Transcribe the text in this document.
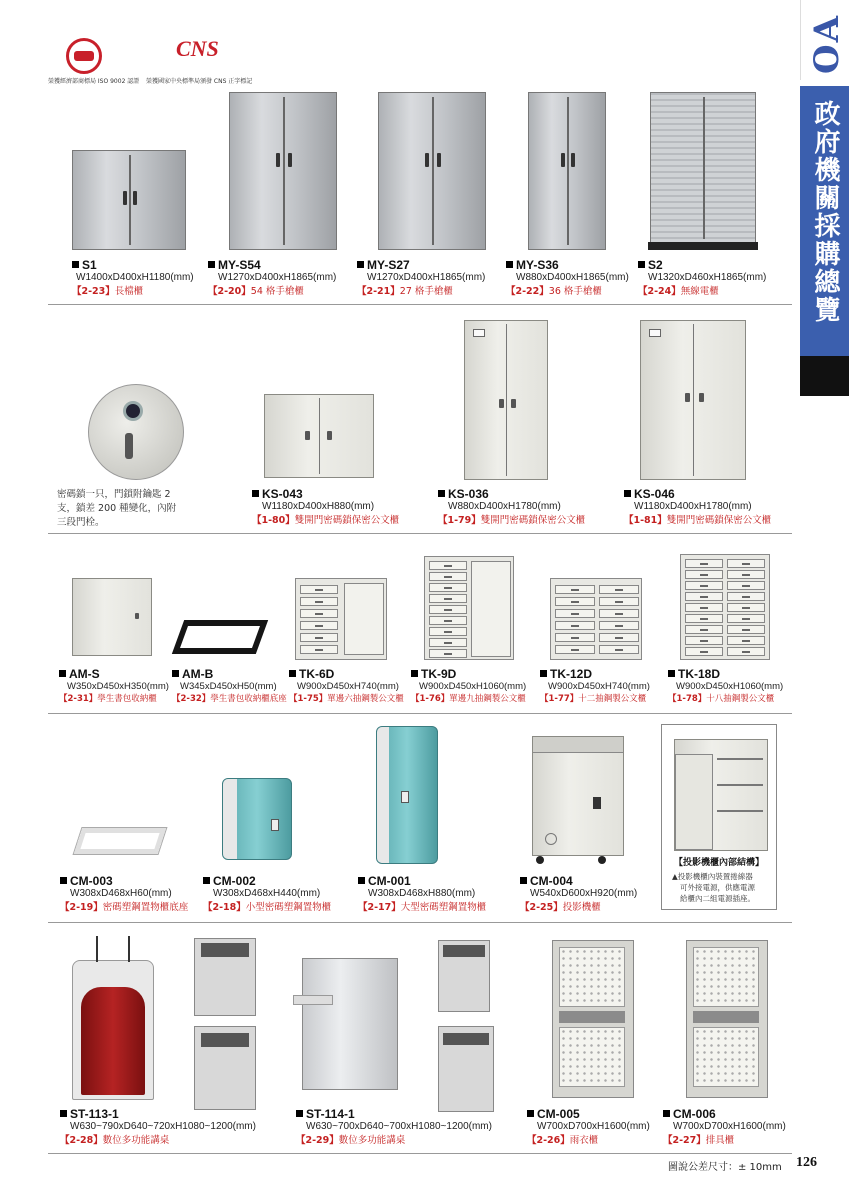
OA
政府機關採購總覽
CNS
榮獲經濟部商標局 ISO 9002 認證 榮獲國家中央標準局頒發 CNS 正字標記
S1
W1400xD400xH1180(mm)
【2-23】長檔櫃
MY-S54
W1270xD400xH1865(mm)
【2-20】54 格手槍櫃
MY-S27
W1270xD400xH1865(mm)
【2-21】27 格手槍櫃
MY-S36
W880xD400xH1865(mm)
【2-22】36 格手槍櫃
S2
W1320xD460xH1865(mm)
【2-24】無線電櫃
密碼鎖一只，門鎖附鑰匙 2
支，鎖差 200 種變化，內附
三段門栓。
KS-043
W1180xD400xH880(mm)
【1-80】雙開門密碼鎖保密公文櫃
KS-036
W880xD400xH1780(mm)
【1-79】雙開門密碼鎖保密公文櫃
KS-046
W1180xD400xH1780(mm)
【1-81】雙開門密碼鎖保密公文櫃
AM-S
W350xD450xH350(mm)
【2-31】學生書包收納櫃
AM-B
W345xD450xH50(mm)
【2-32】學生書包收納櫃底座
TK-6D
W900xD450xH740(mm)
【1-75】單邊六抽鋼製公文櫃
TK-9D
W900xD450xH1060(mm)
【1-76】單邊九抽鋼製公文櫃
TK-12D
W900xD450xH740(mm)
【1-77】十二抽鋼製公文櫃
TK-18D
W900xD450xH1060(mm)
【1-78】十八抽鋼製公文櫃
【投影機櫃內部結構】
▲投影機櫃內裝置捲線器
可外接電源，供應電源
給櫃內二組電源插座。
CM-003
W308xD468xH60(mm)
【2-19】密碼塑鋼置物櫃底座
CM-002
W308xD468xH440(mm)
【2-18】小型密碼塑鋼置物櫃
CM-001
W308xD468xH880(mm)
【2-17】大型密碼塑鋼置物櫃
CM-004
W540xD600xH920(mm)
【2-25】投影機櫃
ST-113-1
W630~790xD640~720xH1080~1200(mm)
【2-28】數位多功能講桌
ST-114-1
W630~700xD640~700xH1080~1200(mm)
【2-29】數位多功能講桌
CM-005
W700xD700xH1600(mm)
【2-26】雨衣櫃
CM-006
W700xD700xH1600(mm)
【2-27】排具櫃
圖說公差尺寸：± 10mm 126
